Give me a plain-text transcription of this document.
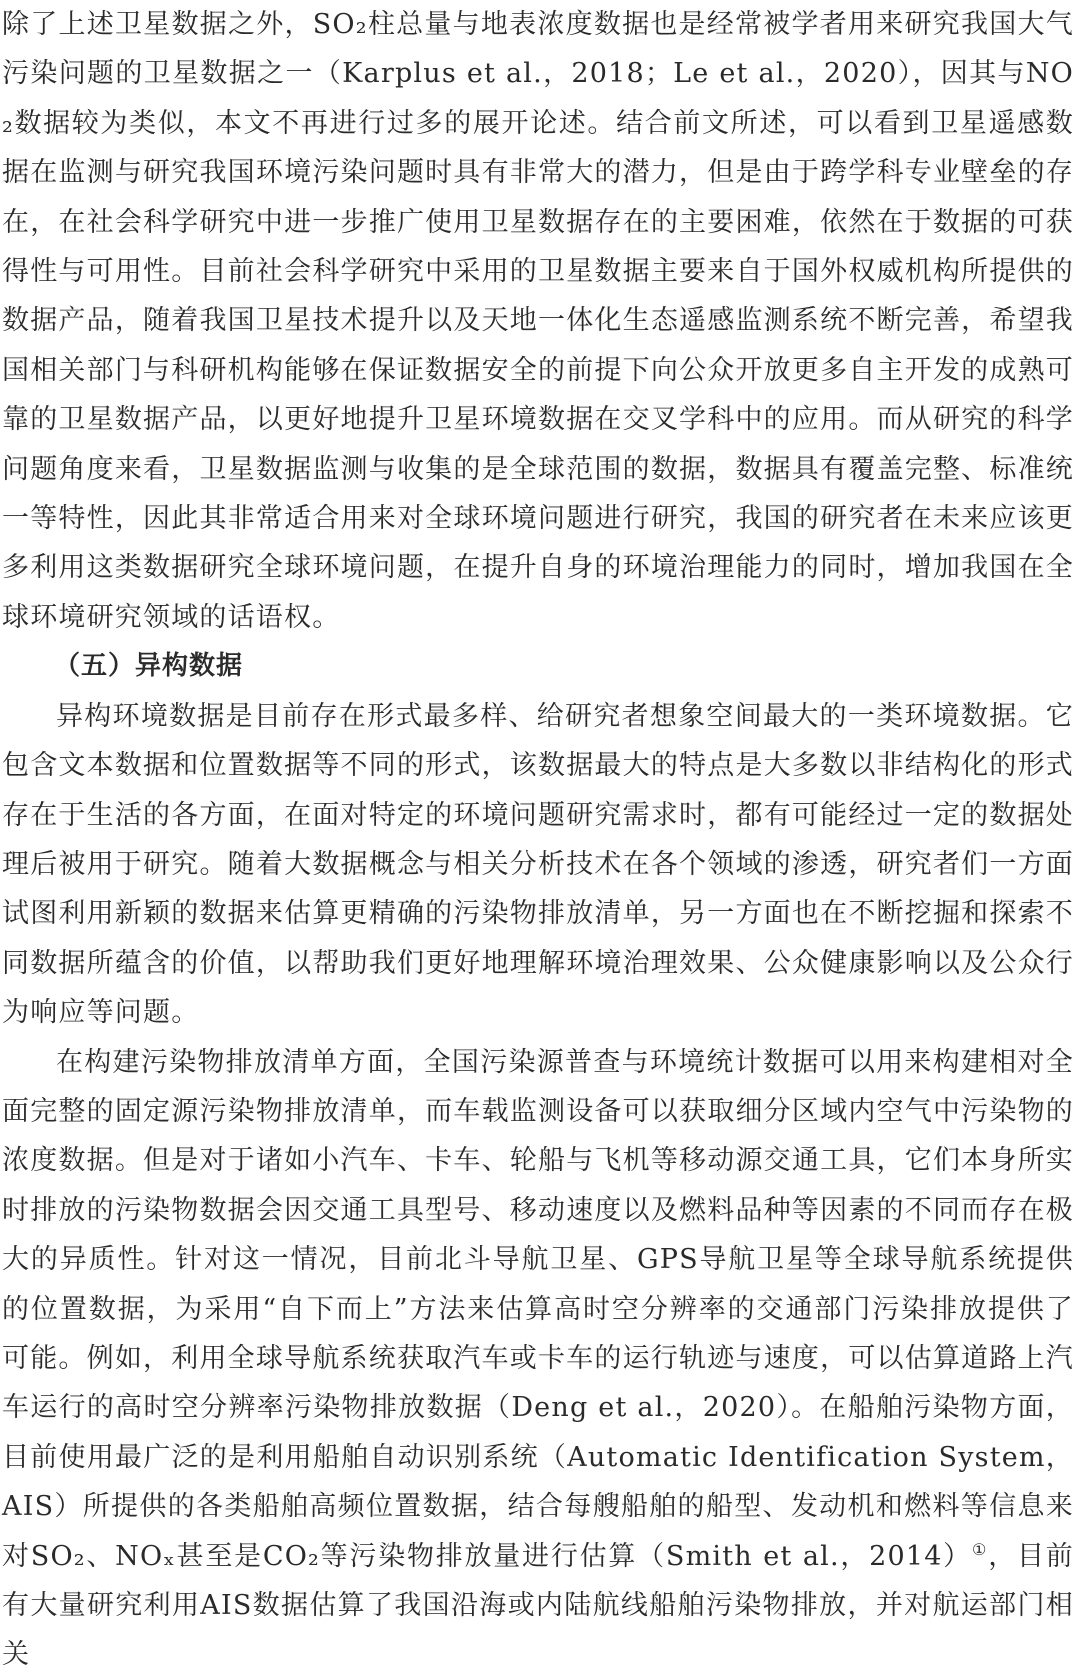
除了上述卫星数据之外，SO₂柱总量与地表浓度数据也是经常被学者用来研究我国大气污染问题的卫星数据之一（Karplus et al.，2018；Le et al.，2020），因其与NO₂数据较为类似，本文不再进行过多的展开论述。结合前文所述，可以看到卫星遥感数据在监测与研究我国环境污染问题时具有非常大的潜力，但是由于跨学科专业壁垒的存在，在社会科学研究中进一步推广使用卫星数据存在的主要困难，依然在于数据的可获得性与可用性。目前社会科学研究中采用的卫星数据主要来自于国外权威机构所提供的数据产品，随着我国卫星技术提升以及天地一体化生态遥感监测系统不断完善，希望我国相关部门与科研机构能够在保证数据安全的前提下向公众开放更多自主开发的成熟可靠的卫星数据产品，以更好地提升卫星环境数据在交叉学科中的应用。而从研究的科学问题角度来看，卫星数据监测与收集的是全球范围的数据，数据具有覆盖完整、标准统一等特性，因此其非常适合用来对全球环境问题进行研究，我国的研究者在未来应该更多利用这类数据研究全球环境问题，在提升自身的环境治理能力的同时，增加我国在全球环境研究领域的话语权。

（五）异构数据

异构环境数据是目前存在形式最多样、给研究者想象空间最大的一类环境数据。它包含文本数据和位置数据等不同的形式，该数据最大的特点是大多数以非结构化的形式存在于生活的各方面，在面对特定的环境问题研究需求时，都有可能经过一定的数据处理后被用于研究。随着大数据概念与相关分析技术在各个领域的渗透，研究者们一方面试图利用新颖的数据来估算更精确的污染物排放清单，另一方面也在不断挖掘和探索不同数据所蕴含的价值，以帮助我们更好地理解环境治理效果、公众健康影响以及公众行为响应等问题。

在构建污染物排放清单方面，全国污染源普查与环境统计数据可以用来构建相对全面完整的固定源污染物排放清单，而车载监测设备可以获取细分区域内空气中污染物的浓度数据。但是对于诸如小汽车、卡车、轮船与飞机等移动源交通工具，它们本身所实时排放的污染物数据会因交通工具型号、移动速度以及燃料品种等因素的不同而存在极大的异质性。针对这一情况，目前北斗导航卫星、GPS导航卫星等全球导航系统提供的位置数据，为采用“自下而上”方法来估算高时空分辨率的交通部门污染排放提供了可能。例如，利用全球导航系统获取汽车或卡车的运行轨迹与速度，可以估算道路上汽车运行的高时空分辨率污染物排放数据（Deng et al.，2020）。在船舶污染物方面，目前使用最广泛的是利用船舶自动识别系统（Automatic Identification System，AIS）所提供的各类船舶高频位置数据，结合每艘船舶的船型、发动机和燃料等信息来对SO₂、NOₓ甚至是CO₂等污染物排放量进行估算（Smith et al.，2014）①，目前有大量研究利用AIS数据估算了我国沿海或内陆航线船舶污染物排放，并对航运部门相关
